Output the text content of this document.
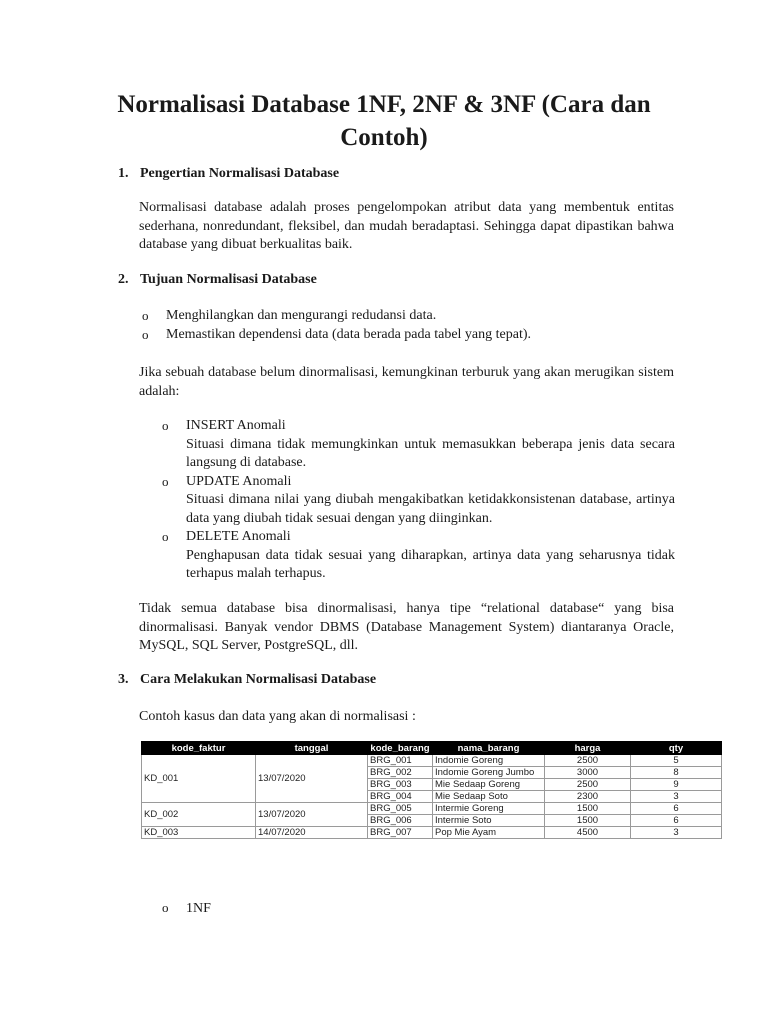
Normalisasi Database 1NF, 2NF & 3NF (Cara dan Contoh)
1. Pengertian Normalisasi Database

Normalisasi database adalah proses pengelompokan atribut data yang membentuk entitas sederhana, nonredundant, fleksibel, dan mudah beradaptasi. Sehingga dapat dipastikan bahwa database yang dibuat berkualitas baik.

2. Tujuan Normalisasi Database
o Menghilangkan dan mengurangi redudansi data.
o Memastikan dependensi data (data berada pada tabel yang tepat).

Jika sebuah database belum dinormalisasi, kemungkinan terburuk yang akan merugikan sistem adalah:

o INSERT Anomali
Situasi dimana tidak memungkinkan untuk memasukkan beberapa jenis data secara langsung di database.
o UPDATE Anomali
Situasi dimana nilai yang diubah mengakibatkan ketidakkonsistenan database, artinya data yang diubah tidak sesuai dengan yang diinginkan.
o DELETE Anomali
Penghapusan data tidak sesuai yang diharapkan, artinya data yang seharusnya tidak terhapus malah terhapus.

Tidak semua database bisa dinormalisasi, hanya tipe “relational database“ yang bisa dinormalisasi. Banyak vendor DBMS (Database Management System) diantaranya Oracle, MySQL, SQL Server, PostgreSQL, dll.

3. Cara Melakukan Normalisasi Database

Contoh kasus dan data yang akan di normalisasi :

kode_faktur	tanggal	kode_barang	nama_barang	harga	qty
KD_001	13/07/2020	BRG_001	Indomie Goreng	2500	5
		BRG_002	Indomie Goreng Jumbo	3000	8
		BRG_003	Mie Sedaap Goreng	2500	9
		BRG_004	Mie Sedaap Soto	2300	3
KD_002	13/07/2020	BRG_005	Intermie Goreng	1500	6
		BRG_006	Intermie Soto	1500	6
KD_003	14/07/2020	BRG_007	Pop Mie Ayam	4500	3
o 1NF
